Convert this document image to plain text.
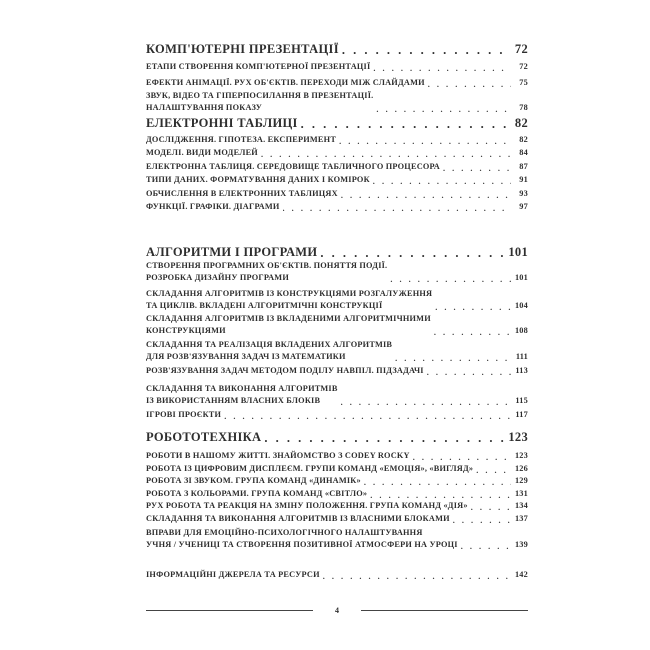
КОМП'ЮТЕРНІ ПРЕЗЕНТАЦІЇ . . .	72
ЕТАПИ СТВОРЕННЯ КОМП'ЮТЕРНОЇ ПРЕЗЕНТАЦІЇ . . .	72
ЕФЕКТИ АНІМАЦІЇ. РУХ ОБ'ЄКТІВ. ПЕРЕХОДИ МІЖ СЛАЙДАМИ . . .	75
ЗВУК, ВІДЕО ТА ГІПЕРПОСИЛАННЯ В ПРЕЗЕНТАЦІЇ.
НАЛАШТУВАННЯ ПОКАЗУ . . .	78
ЕЛЕКТРОННІ ТАБЛИЦІ . . .	82
ДОСЛІДЖЕННЯ. ГІПОТЕЗА. ЕКСПЕРИМЕНТ . . .	82
МОДЕЛІ. ВИДИ МОДЕЛЕЙ . . .	84
ЕЛЕКТРОННА ТАБЛИЦЯ. СЕРЕДОВИЩЕ ТАБЛИЧНОГО ПРОЦЕСОРА . . .	87
ТИПИ ДАНИХ. ФОРМАТУВАННЯ ДАНИХ І КОМІРОК . . .	91
ОБЧИСЛЕННЯ В ЕЛЕКТРОННИХ ТАБЛИЦЯХ . . .	93
ФУНКЦІЇ. ГРАФІКИ. ДІАГРАМИ . . .	97
АЛГОРИТМИ І ПРОГРАМИ . . .	101
СТВОРЕННЯ ПРОГРАМНИХ ОБ'ЄКТІВ. ПОНЯТТЯ ПОДІЇ.
РОЗРОБКА ДИЗАЙНУ ПРОГРАМИ . . .	101
СКЛАДАННЯ АЛГОРИТМІВ ІЗ КОНСТРУКЦІЯМИ РОЗГАЛУЖЕННЯ
ТА ЦИКЛІВ. ВКЛАДЕНІ АЛГОРИТМІЧНІ КОНСТРУКЦІЇ . . .	104
СКЛАДАННЯ АЛГОРИТМІВ ІЗ ВКЛАДЕНИМИ АЛГОРИТМІЧНИМИ
КОНСТРУКЦІЯМИ . . .	108
СКЛАДАННЯ ТА РЕАЛІЗАЦІЯ ВКЛАДЕНИХ АЛГОРИТМІВ
ДЛЯ РОЗВ'ЯЗУВАННЯ ЗАДАЧ ІЗ МАТЕМАТИКИ . . .	111
РОЗВ'ЯЗУВАННЯ ЗАДАЧ МЕТОДОМ ПОДІЛУ НАВПІЛ. ПІДЗАДАЧІ . . .	113
СКЛАДАННЯ ТА ВИКОНАННЯ АЛГОРИТМІВ
ІЗ ВИКОРИСТАННЯМ ВЛАСНИХ БЛОКІВ . . .	115
ІГРОВІ ПРОЄКТИ . . .	117
РОБОТОТЕХНІКА . . .	123
РОБОТИ В НАШОМУ ЖИТТІ. ЗНАЙОМСТВО З CODEY ROCKY . . .	123
РОБОТА ІЗ ЦИФРОВИМ ДИСПЛЕЄМ. ГРУПИ КОМАНД «ЕМОЦІЯ», «ВИГЛЯД» . . .	126
РОБОТА ЗІ ЗВУКОМ. ГРУПА КОМАНД «ДИНАМІК» . . .	129
РОБОТА З КОЛЬОРАМИ. ГРУПА КОМАНД «СВІТЛО» . . .	131
РУХ РОБОТА ТА РЕАКЦІЯ НА ЗМІНУ ПОЛОЖЕННЯ. ГРУПА КОМАНД «ДІЯ» . . .	134
СКЛАДАННЯ ТА ВИКОНАННЯ АЛГОРИТМІВ ІЗ ВЛАСНИМИ БЛОКАМИ . . .	137
ВПРАВИ ДЛЯ ЕМОЦІЙНО-ПСИХОЛОГІЧНОГО НАЛАШТУВАННЯ
УЧНЯ / УЧЕНИЦІ ТА СТВОРЕННЯ ПОЗИТИВНОЇ АТМОСФЕРИ НА УРОЦІ . . .	139
ІНФОРМАЦІЙНІ ДЖЕРЕЛА ТА РЕСУРСИ . . .	142
4
